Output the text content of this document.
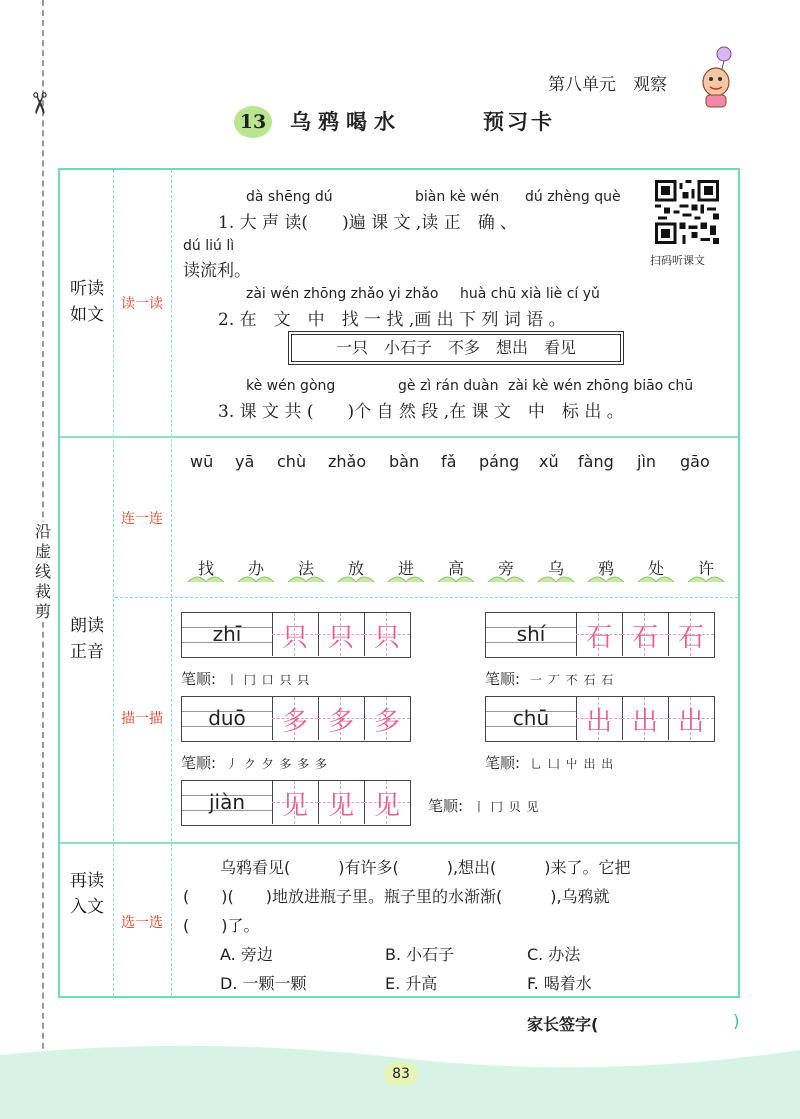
✂
沿
虚
线
裁
剪
第八单元　观察
13 乌鸦喝水	预习卡
扫码听课文
听读
如文
读一读
朗读
正音
连一连
描一描
再读
入文
选一选
dà shēng dú	biàn kè wén dú zhèng què
1. 大 声 读(　　)遍 课 文 ,读 正　确 、
dú liú lì
读流利。
zài wén zhōng zhǎo yi zhǎo huà chū xià liè cí yǔ
2. 在　文　中　找 一 找 ,画 出 下 列 词 语 。
一只　小石子　不多　想出　看见
kè wén gòng	gè zì rán duàn zài kè wén zhōng biāo chū
3. 课 文 共 (　　)个 自 然 段 ,在 课 文　中　标 出 。
wū yā chù zhǎo bàn fǎ páng xǔ fàng jìn gāo
找	办	法	放	进	高	旁	乌	鸦	处	许
zhī	只 只 只
笔顺: 丨 冂 口 只 只
shí	石 石 石
笔顺: 一 丆 不 石 石
duō	多 多 多
笔顺: 丿 ク 夕 多 多 多
chū	出 出 出
笔顺: 乚 凵 屮 出 出
jiàn	见 见 见	笔顺: 丨 冂 贝 见
乌鸦看见(　　　)有许多(　　　),想出(　　　)来了。它把
(　　)(　　)地放进瓶子里。瓶子里的水渐渐(　　　),乌鸦就
(　　)了。
A. 旁边	B. 小石子	C. 办法
D. 一颗一颗	E. 升高	F. 喝着水
家长签字(	)
83
